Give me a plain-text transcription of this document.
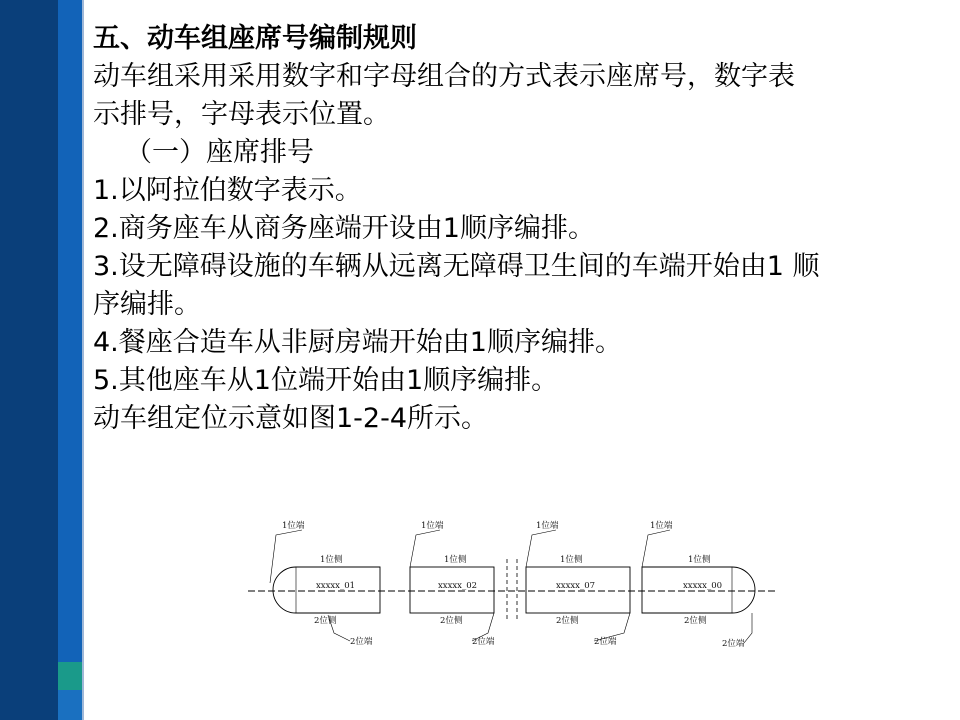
五、动车组座席号编制规则
动车组采用采用数字和字母组合的方式表示座席号，数字表
示排号，字母表示位置。
（一）座席排号
1.以阿拉伯数字表示。
2.商务座车从商务座端开设由1顺序编排。
3.设无障碍设施的车辆从远离无障碍卫生间的车端开始由1 顺
序编排。
4.餐座合造车从非厨房端开始由1顺序编排。
5.其他座车从1位端开始由1顺序编排。
动车组定位示意如图1-2-4所示。
xxxxx_01
1位端
1位侧
2位侧
2位端
xxxxx_02
1位端
1位侧
2位侧
2位端
xxxxx_07
1位端
1位侧
2位侧
2位端
xxxxx_00
1位端
1位侧
2位侧
2位端
